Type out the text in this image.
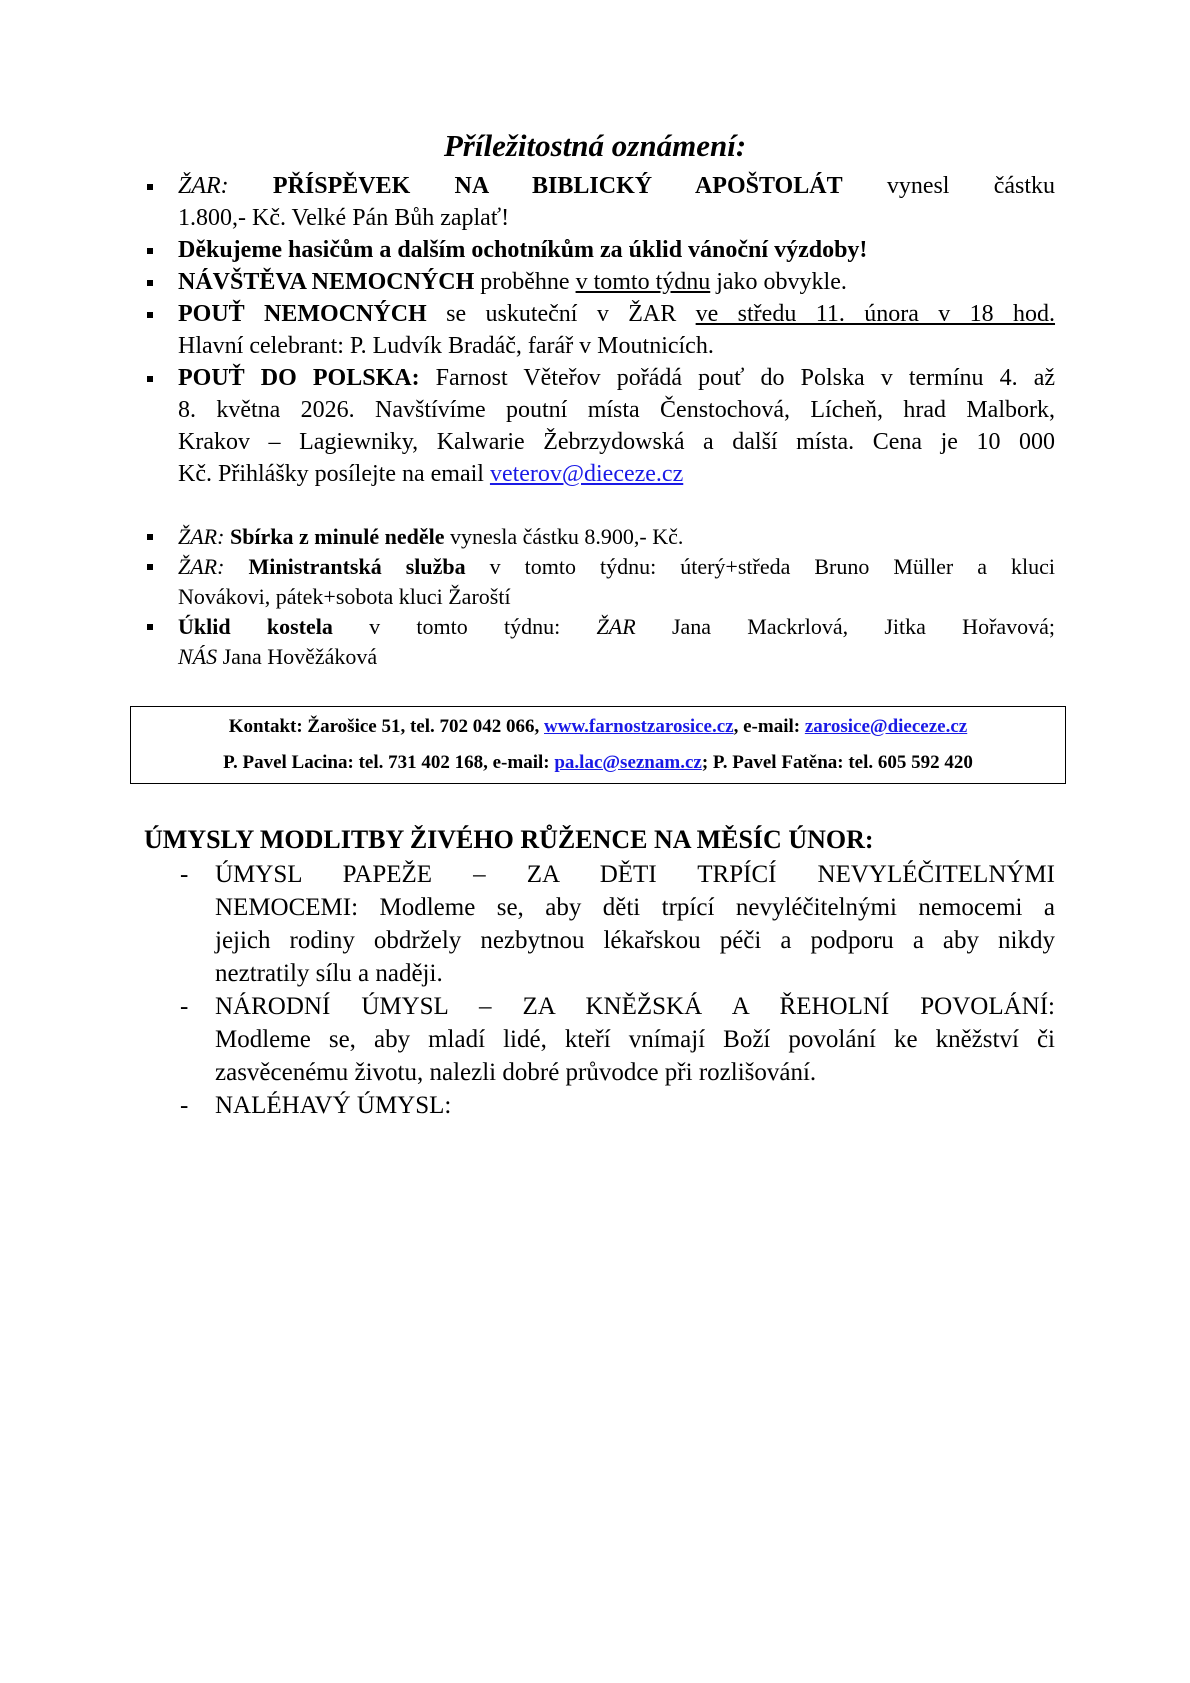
Příležitostná oznámení:
ŽAR: PŘÍSPĚVEK NA BIBLICKÝ APOŠTOLÁT vynesl částku
1.800,- Kč. Velké Pán Bůh zaplať!
Děkujeme hasičům a dalším ochotníkům za úklid vánoční výzdoby!
NÁVŠTĚVA NEMOCNÝCH proběhne v tomto týdnu jako obvykle.
POUŤ NEMOCNÝCH se uskuteční v ŽAR ve středu 11. února v 18 hod.
Hlavní celebrant: P. Ludvík Bradáč, farář v Moutnicích.
POUŤ DO POLSKA: Farnost Věteřov pořádá pouť do Polska v termínu 4. až
8. května 2026. Navštívíme poutní místa Čenstochová, Lícheň, hrad Malbork,
Krakov – Lagiewniky, Kalwarie Žebrzydowská a další místa. Cena je 10 000
Kč. Přihlášky posílejte na email veterov@dieceze.cz
ŽAR: Sbírka z minulé neděle vynesla částku 8.900,- Kč.
ŽAR: Ministrantská služba v tomto týdnu: úterý+středa Bruno Müller a kluci
Novákovi, pátek+sobota kluci Žaroští
Úklid kostela v tomto týdnu: ŽAR Jana Mackrlová, Jitka Hořavová;
NÁS Jana Hověžáková
Kontakt: Žarošice 51, tel. 702 042 066, www.farnostzarosice.cz, e-mail: zarosice@dieceze.cz
P. Pavel Lacina: tel. 731 402 168, e-mail: pa.lac@seznam.cz; P. Pavel Fatěna: tel. 605 592 420
ÚMYSLY MODLITBY ŽIVÉHO RŮŽENCE NA MĚSÍC ÚNOR:
- ÚMYSL PAPEŽE – ZA DĚTI TRPÍCÍ NEVYLÉČITELNÝMI
NEMOCEMI: Modleme se, aby děti trpící nevyléčitelnými nemocemi a
jejich rodiny obdržely nezbytnou lékařskou péči a podporu a aby nikdy
neztratily sílu a naději.
- NÁRODNÍ ÚMYSL – ZA KNĚŽSKÁ A ŘEHOLNÍ POVOLÁNÍ:
Modleme se, aby mladí lidé, kteří vnímají Boží povolání ke kněžství či
zasvěcenému životu, nalezli dobré průvodce při rozlišování.
- NALÉHAVÝ ÚMYSL:
